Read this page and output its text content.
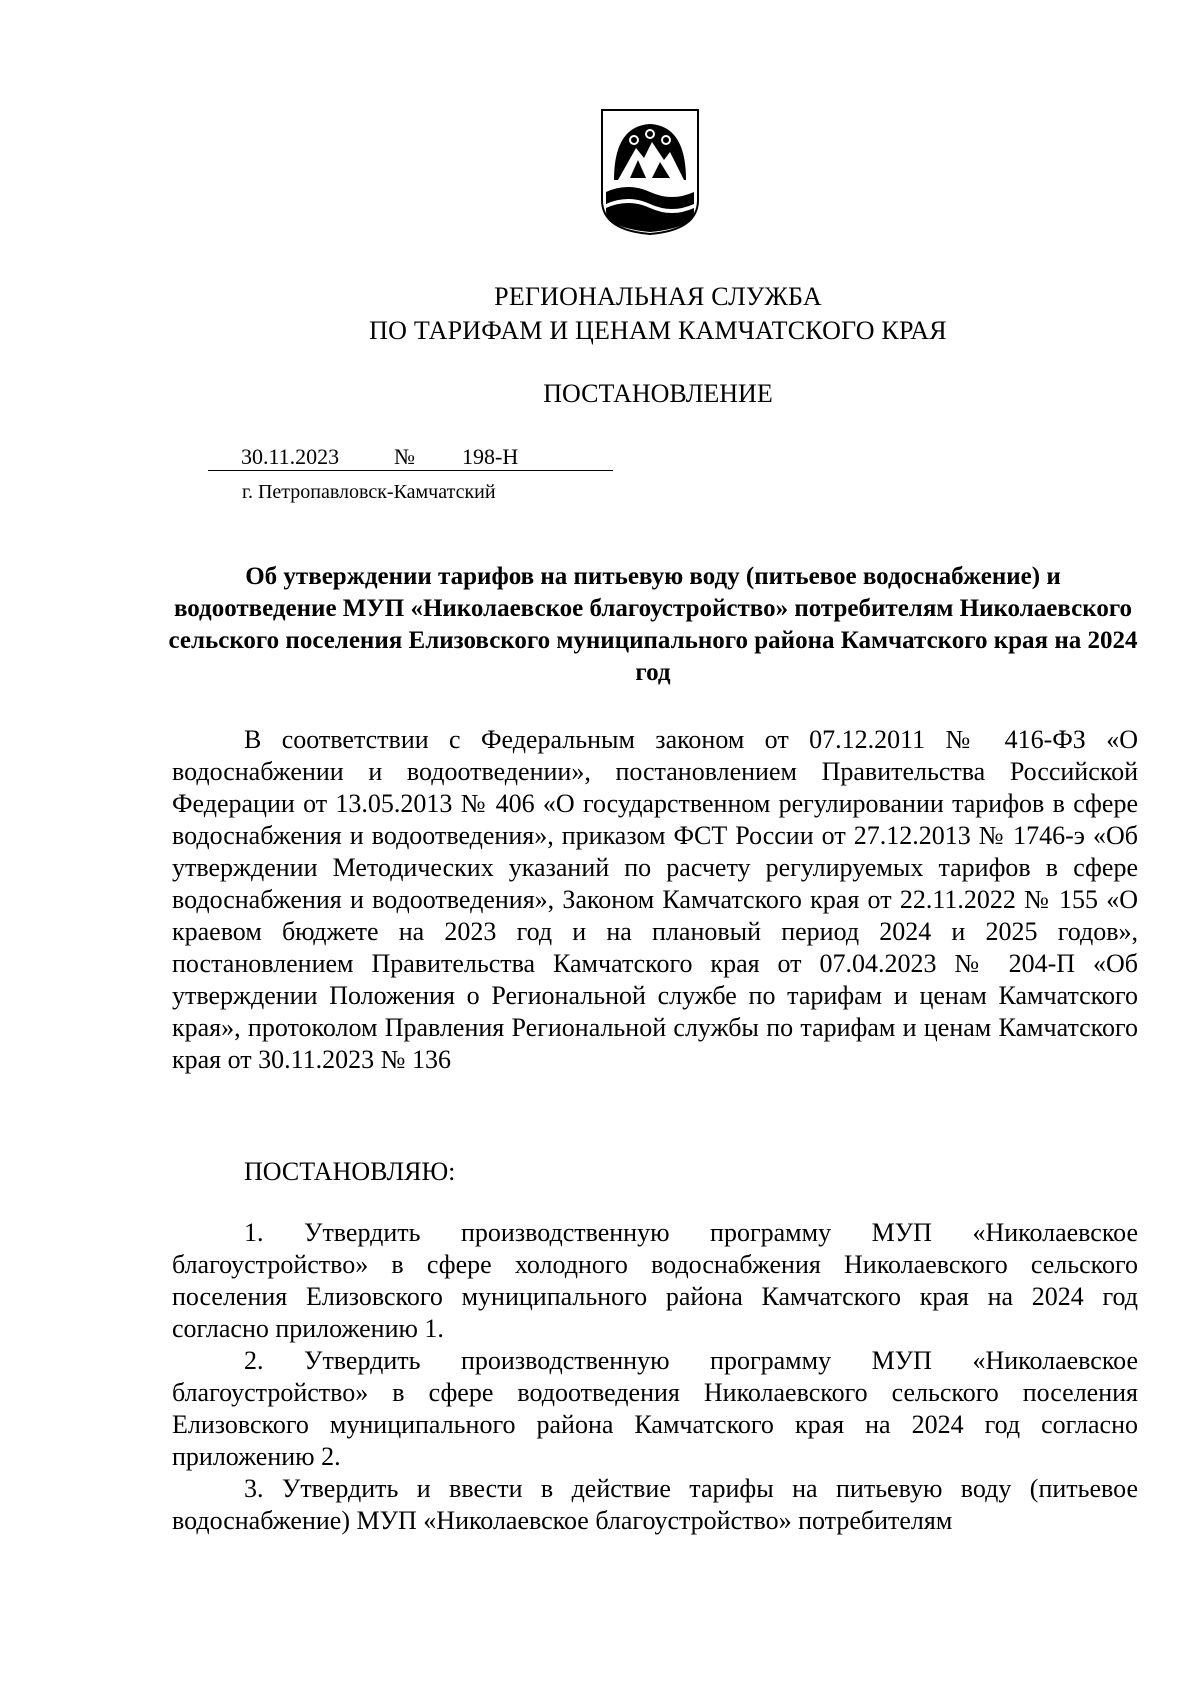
РЕГИОНАЛЬНАЯ СЛУЖБА
ПО ТАРИФАМ И ЦЕНАМ КАМЧАТСКОГО КРАЯ
ПОСТАНОВЛЕНИЕ
30.11.2023 № 198-Н
г. Петропавловск-Камчатский
Об утверждении тарифов на питьевую воду (питьевое водоснабжение) и водоотведение МУП «Николаевское благоустройство» потребителям Николаевского сельского поселения Елизовского муниципального района Камчатского края на 2024 год

В соответствии с Федеральным законом от 07.12.2011 № 416-ФЗ «О водоснабжении и водоотведении», постановлением Правительства Российской Федерации от 13.05.2013 № 406 «О государственном регулировании тарифов в сфере водоснабжения и водоотведения», приказом ФСТ России от 27.12.2013 № 1746-э «Об утверждении Методических указаний по расчету регулируемых тарифов в сфере водоснабжения и водоотведения», Законом Камчатского края от 22.11.2022 № 155 «О краевом бюджете на 2023 год и на плановый период 2024 и 2025 годов», постановлением Правительства Камчатского края от 07.04.2023 № 204-П «Об утверждении Положения о Региональной службе по тарифам и ценам Камчатского края», протоколом Правления Региональной службы по тарифам и ценам Камчатского края от 30.11.2023 № 136

ПОСТАНОВЛЯЮ:

1. Утвердить производственную программу МУП «Николаевское благоустройство» в сфере холодного водоснабжения Николаевского сельского поселения Елизовского муниципального района Камчатского края на 2024 год согласно приложению 1.

2. Утвердить производственную программу МУП «Николаевское благоустройство» в сфере водоотведения Николаевского сельского поселения Елизовского муниципального района Камчатского края на 2024 год согласно приложению 2.

3. Утвердить и ввести в действие тарифы на питьевую воду (питьевое водоснабжение) МУП «Николаевское благоустройство» потребителям
